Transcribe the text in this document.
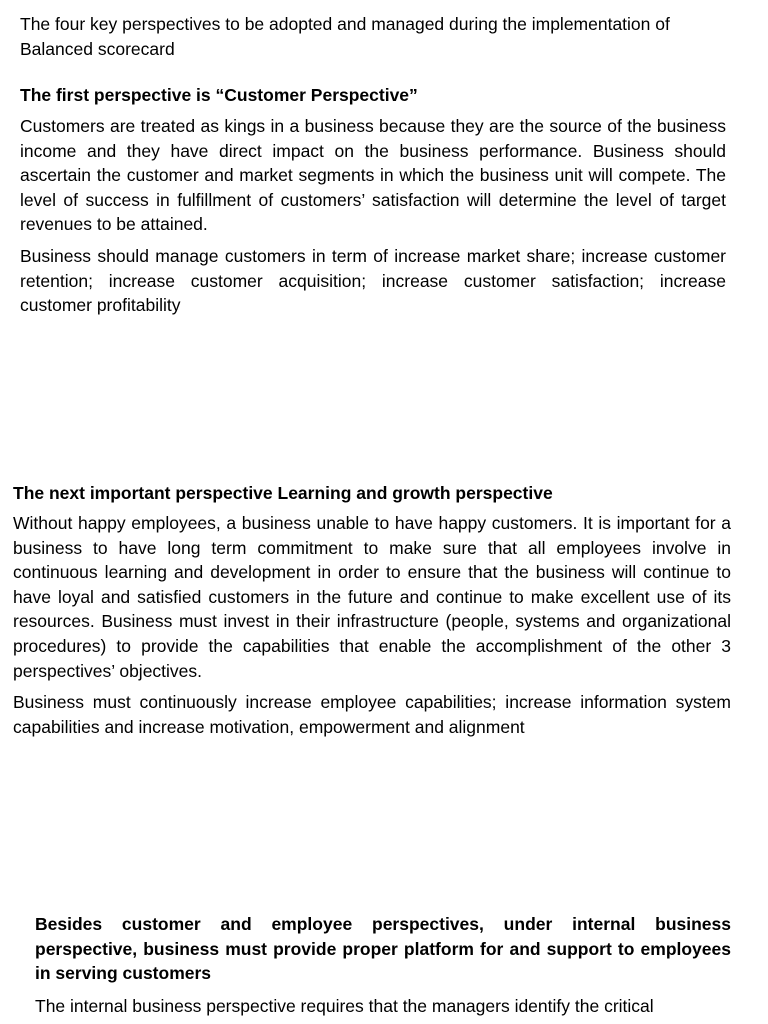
The four key perspectives to be adopted and managed during the implementation of Balanced scorecard

The first perspective is “Customer Perspective”

Customers are treated as kings in a business because they are the source of the business income and they have direct impact on the business performance. Business should ascertain the customer and market segments in which the business unit will compete. The level of success in fulfillment of customers’ satisfaction will determine the level of target revenues to be attained.

Business should manage customers in term of increase market share; increase customer retention; increase customer acquisition; increase customer satisfaction; increase customer profitability

The next important perspective Learning and growth perspective

Without happy employees, a business unable to have happy customers. It is important for a business to have long term commitment to make sure that all employees involve in continuous learning and development in order to ensure that the business will continue to have loyal and satisfied customers in the future and continue to make excellent use of its resources. Business must invest in their infrastructure (people, systems and organizational procedures) to provide the capabilities that enable the accomplishment of the other 3 perspectives’ objectives.

Business must continuously increase employee capabilities; increase information system capabilities and increase motivation, empowerment and alignment

Besides customer and employee perspectives, under internal business perspective, business must provide proper platform for and support to employees in serving customers

The internal business perspective requires that the managers identify the critical
